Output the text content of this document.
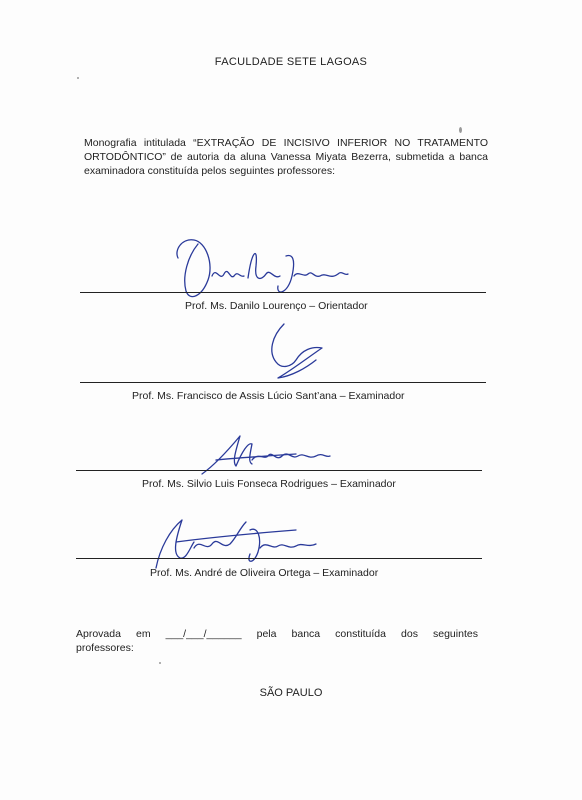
FACULDADE SETE LAGOAS
Monografia intitulada “EXTRAÇÃO DE INCISIVO INFERIOR NO TRATAMENTO ORTODÔNTICO” de autoria da aluna Vanessa Miyata Bezerra, submetida a banca examinadora constituída pelos seguintes professores:
Prof. Ms. Danilo Lourenço – Orientador
Prof. Ms. Francisco de Assis Lúcio Sant’ana – Examinador
Prof. Ms. Silvio Luis Fonseca Rodrigues – Examinador
Prof. Ms. André de Oliveira Ortega – Examinador
Aprovada em ___/___/______ pela banca constituída dos seguintes
professores:
SÃO PAULO
